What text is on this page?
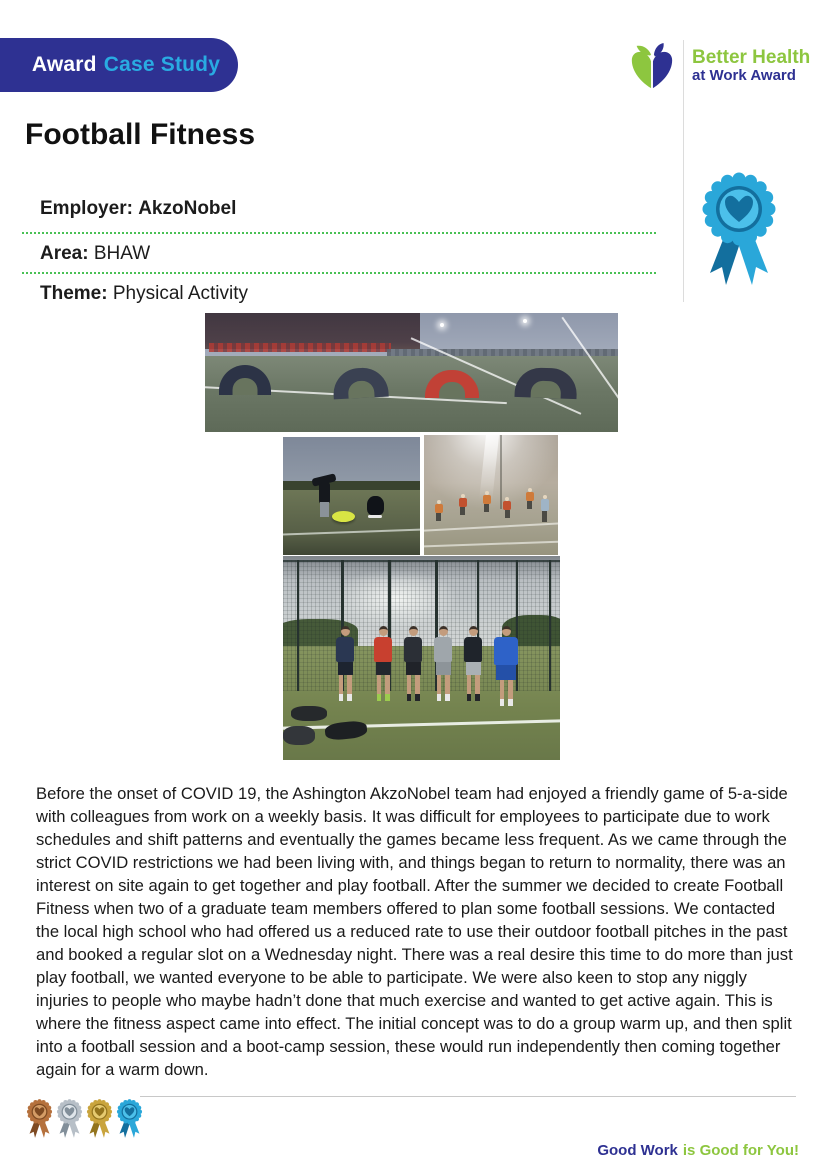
Award Case Study	Better Health
at Work Award
Football Fitness
Employer: AkzoNobel
Area: BHAW
Theme: Physical Activity
Before the onset of COVID 19, the Ashington AkzoNobel team had enjoyed a friendly game of 5-a-side with colleagues from work on a weekly basis. It was difficult for employees to participate due to work schedules and shift patterns and eventually the games became less frequent. As we came through the strict COVID restrictions we had been living with, and things began to return to normality, there was an interest on site again to get together and play football. After the summer we decided to create Football Fitness when two of a graduate team members offered to plan some football sessions. We contacted the local high school who had offered us a reduced rate to use their outdoor football pitches in the past and booked a regular slot on a Wednesday night. There was a real desire this time to do more than just play football, we wanted everyone to be able to participate. We were also keen to stop any niggly injuries to people who maybe hadn’t done that much exercise and wanted to get active again. This is where the fitness aspect came into effect. The initial concept was to do a group warm up, and then split into a football session and a boot-camp session, these would run independently then coming together again for a warm down.
Good Work is Good for You!
